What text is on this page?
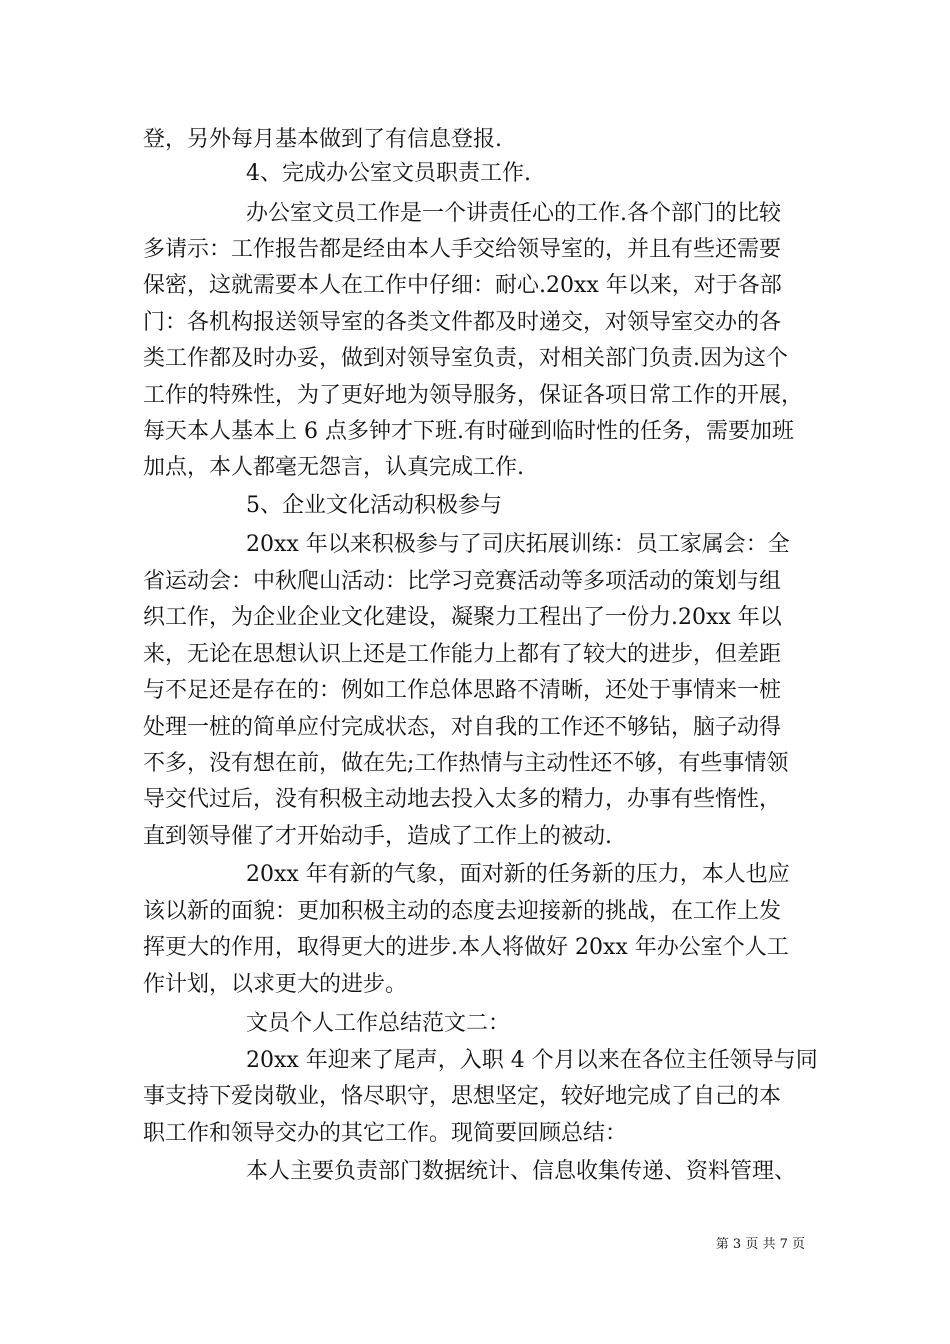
登，另外每月基本做到了有信息登报.
4、完成办公室文员职责工作.
办公室文员工作是一个讲责任心的工作.各个部门的比较
多请示：工作报告都是经由本人手交给领导室的，并且有些还需要
保密，这就需要本人在工作中仔细：耐心.20xx 年以来，对于各部
门：各机构报送领导室的各类文件都及时递交，对领导室交办的各
类工作都及时办妥，做到对领导室负责，对相关部门负责.因为这个
工作的特殊性，为了更好地为领导服务，保证各项日常工作的开展，
每天本人基本上 6 点多钟才下班.有时碰到临时性的任务，需要加班
加点，本人都毫无怨言，认真完成工作.
5、企业文化活动积极参与
20xx 年以来积极参与了司庆拓展训练：员工家属会：全
省运动会：中秋爬山活动：比学习竞赛活动等多项活动的策划与组
织工作，为企业企业文化建设，凝聚力工程出了一份力.20xx 年以
来，无论在思想认识上还是工作能力上都有了较大的进步，但差距
与不足还是存在的：例如工作总体思路不清晰，还处于事情来一桩
处理一桩的简单应付完成状态，对自我的工作还不够钻，脑子动得
不多，没有想在前，做在先;工作热情与主动性还不够，有些事情领
导交代过后，没有积极主动地去投入太多的精力，办事有些惰性，
直到领导催了才开始动手，造成了工作上的被动.
20xx 年有新的气象，面对新的任务新的压力，本人也应
该以新的面貌：更加积极主动的态度去迎接新的挑战，在工作上发
挥更大的作用，取得更大的进步.本人将做好 20xx 年办公室个人工
作计划，以求更大的进步。
文员个人工作总结范文二：
20xx 年迎来了尾声，入职 4 个月以来在各位主任领导与同
事支持下爱岗敬业，恪尽职守，思想坚定，较好地完成了自己的本
职工作和领导交办的其它工作。现简要回顾总结：
本人主要负责部门数据统计、信息收集传递、资料管理、
第 3 页 共 7 页
